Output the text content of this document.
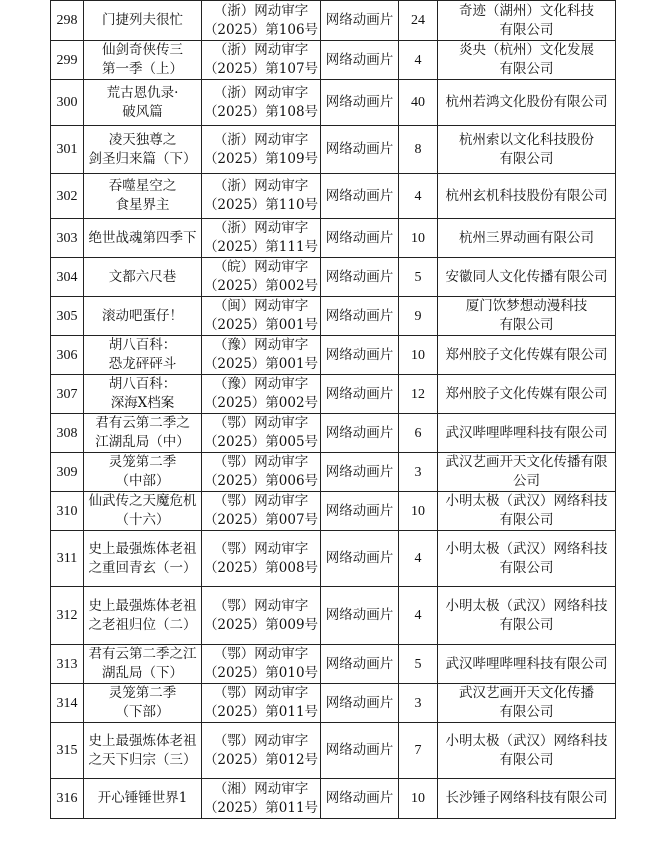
298	门捷列夫很忙	（浙）网动审字
（2025）第106号	网络动画片	24	奇迹（湖州）文化科技
有限公司

299	仙剑奇侠传三
第一季（上）	（浙）网动审字
（2025）第107号	网络动画片	4	炎央（杭州）文化发展
有限公司

300	荒古恩仇录·
破风篇	（浙）网动审字
（2025）第108号	网络动画片	40	杭州若鸿文化股份有限公司

301	凌天独尊之
剑圣归来篇（下）	（浙）网动审字
（2025）第109号	网络动画片	8	杭州索以文化科技股份
有限公司

302	吞噬星空之
食星界主	（浙）网动审字
（2025）第110号	网络动画片	4	杭州玄机科技股份有限公司

303	绝世战魂第四季下	（浙）网动审字
（2025）第111号	网络动画片	10	杭州三界动画有限公司

304	文都六尺巷	（皖）网动审字
（2025）第002号	网络动画片	5	安徽同人文化传播有限公司

305	滚动吧蛋仔！	（闽）网动审字
（2025）第001号	网络动画片	9	厦门饮梦想动漫科技
有限公司

306	胡八百科：
恐龙砰砰斗	（豫）网动审字
（2025）第001号	网络动画片	10	郑州胶子文化传媒有限公司

307	胡八百科：
深海X档案	（豫）网动审字
（2025）第002号	网络动画片	12	郑州胶子文化传媒有限公司

308	君有云第二季之
江湖乱局（中）	（鄂）网动审字
（2025）第005号	网络动画片	6	武汉哔哩哔哩科技有限公司

309	灵笼第二季
（中部）	（鄂）网动审字
（2025）第006号	网络动画片	3	武汉艺画开天文化传播有限
公司

310	仙武传之天魔危机
（十六）	（鄂）网动审字
（2025）第007号	网络动画片	10	小明太极（武汉）网络科技
有限公司

311	史上最强炼体老祖
之重回青玄（一）	（鄂）网动审字
（2025）第008号	网络动画片	4	小明太极（武汉）网络科技
有限公司

312	史上最强炼体老祖
之老祖归位（二）	（鄂）网动审字
（2025）第009号	网络动画片	4	小明太极（武汉）网络科技
有限公司

313	君有云第二季之江
湖乱局（下）	（鄂）网动审字
（2025）第010号	网络动画片	5	武汉哔哩哔哩科技有限公司

314	灵笼第二季
（下部）	（鄂）网动审字
（2025）第011号	网络动画片	3	武汉艺画开天文化传播
有限公司

315	史上最强炼体老祖
之天下归宗（三）	（鄂）网动审字
（2025）第012号	网络动画片	7	小明太极（武汉）网络科技
有限公司

316	开心锤锤世界1	（湘）网动审字
（2025）第011号	网络动画片	10	长沙锤子网络科技有限公司
